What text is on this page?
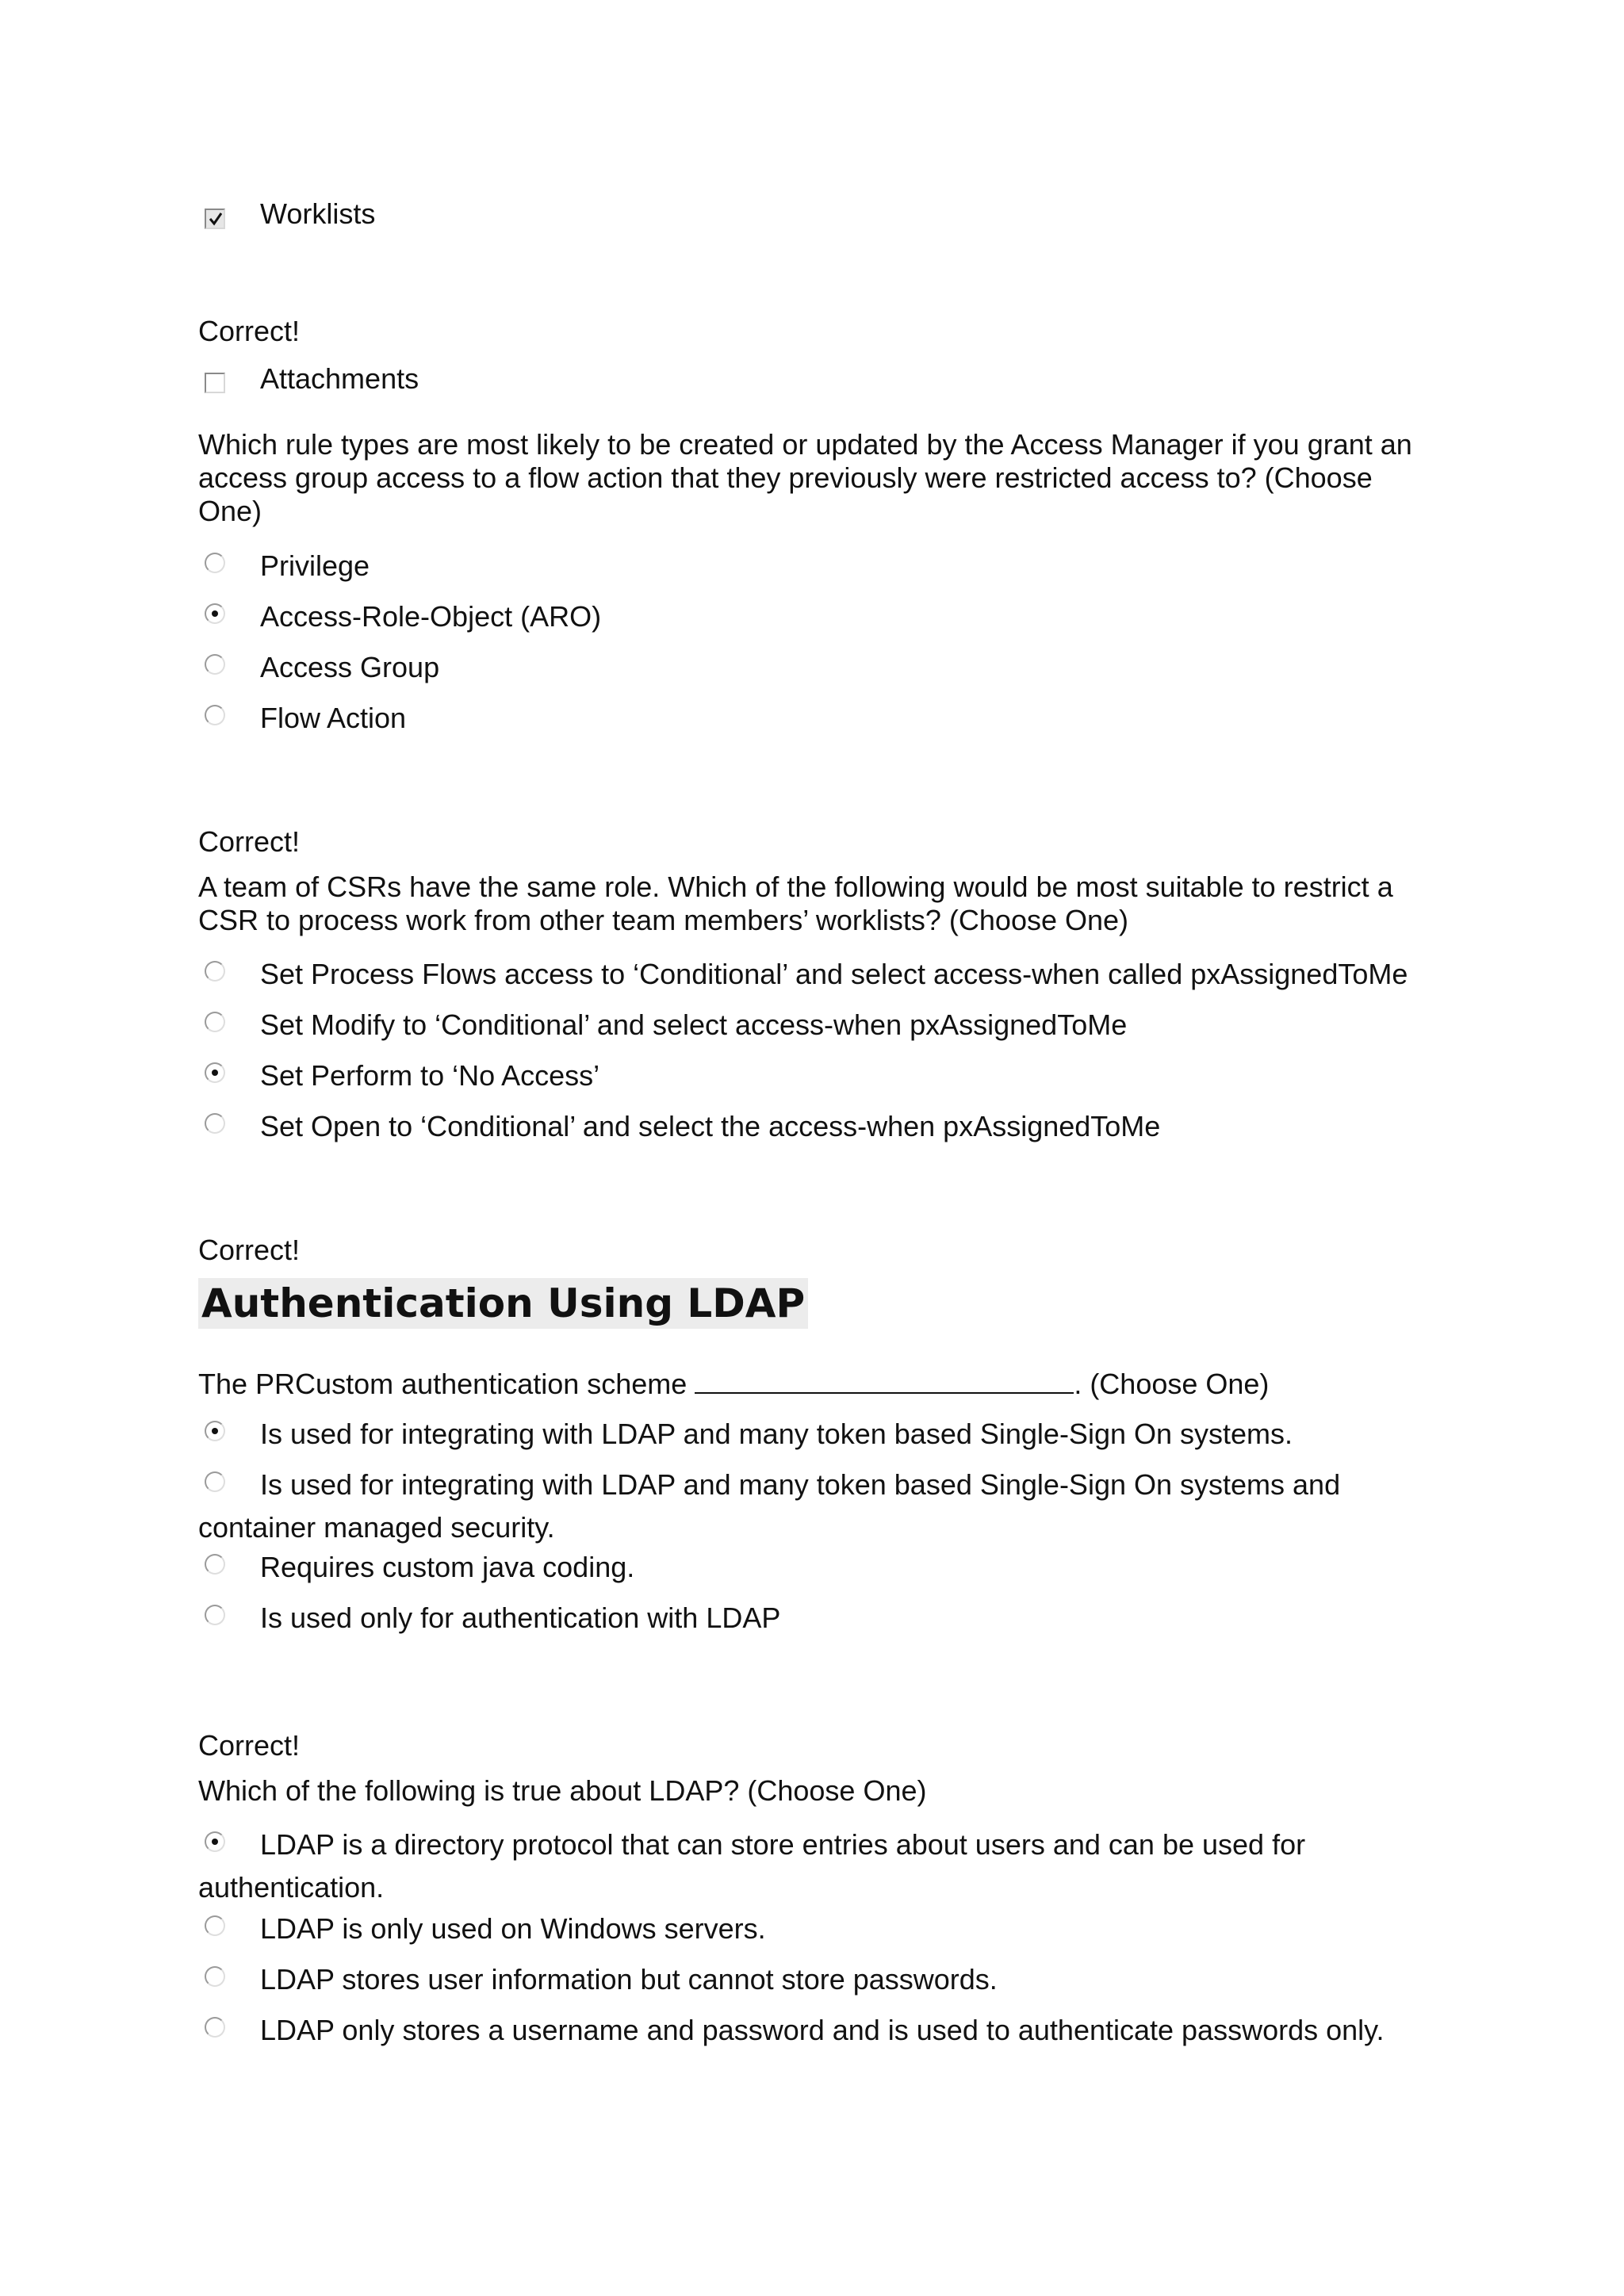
Worklists
Correct!
Attachments
Which rule types are most likely to be created or updated by the Access Manager if you grant an access group access to a flow action that they previously were restricted access to? (Choose One)
Privilege
Access-Role-Object (ARO)
Access Group
Flow Action
Correct!
A team of CSRs have the same role. Which of the following would be most suitable to restrict a CSR to process work from other team members’ worklists? (Choose One)
Set Process Flows access to ‘Conditional’ and select access-when called pxAssignedToMe
Set Modify to ‘Conditional’ and select access-when pxAssignedToMe
Set Perform to ‘No Access’
Set Open to ‘Conditional’ and select the access-when pxAssignedToMe
Correct!
Authentication Using LDAP
The PRCustom authentication scheme	. (Choose One)
Is used for integrating with LDAP and many token based Single-Sign On systems.
Is used for integrating with LDAP and many token based Single-Sign On systems and
container managed security.
Requires custom java coding.
Is used only for authentication with LDAP
Correct!
Which of the following is true about LDAP? (Choose One)
LDAP is a directory protocol that can store entries about users and can be used for
authentication.
LDAP is only used on Windows servers.
LDAP stores user information but cannot store passwords.
LDAP only stores a username and password and is used to authenticate passwords only.
